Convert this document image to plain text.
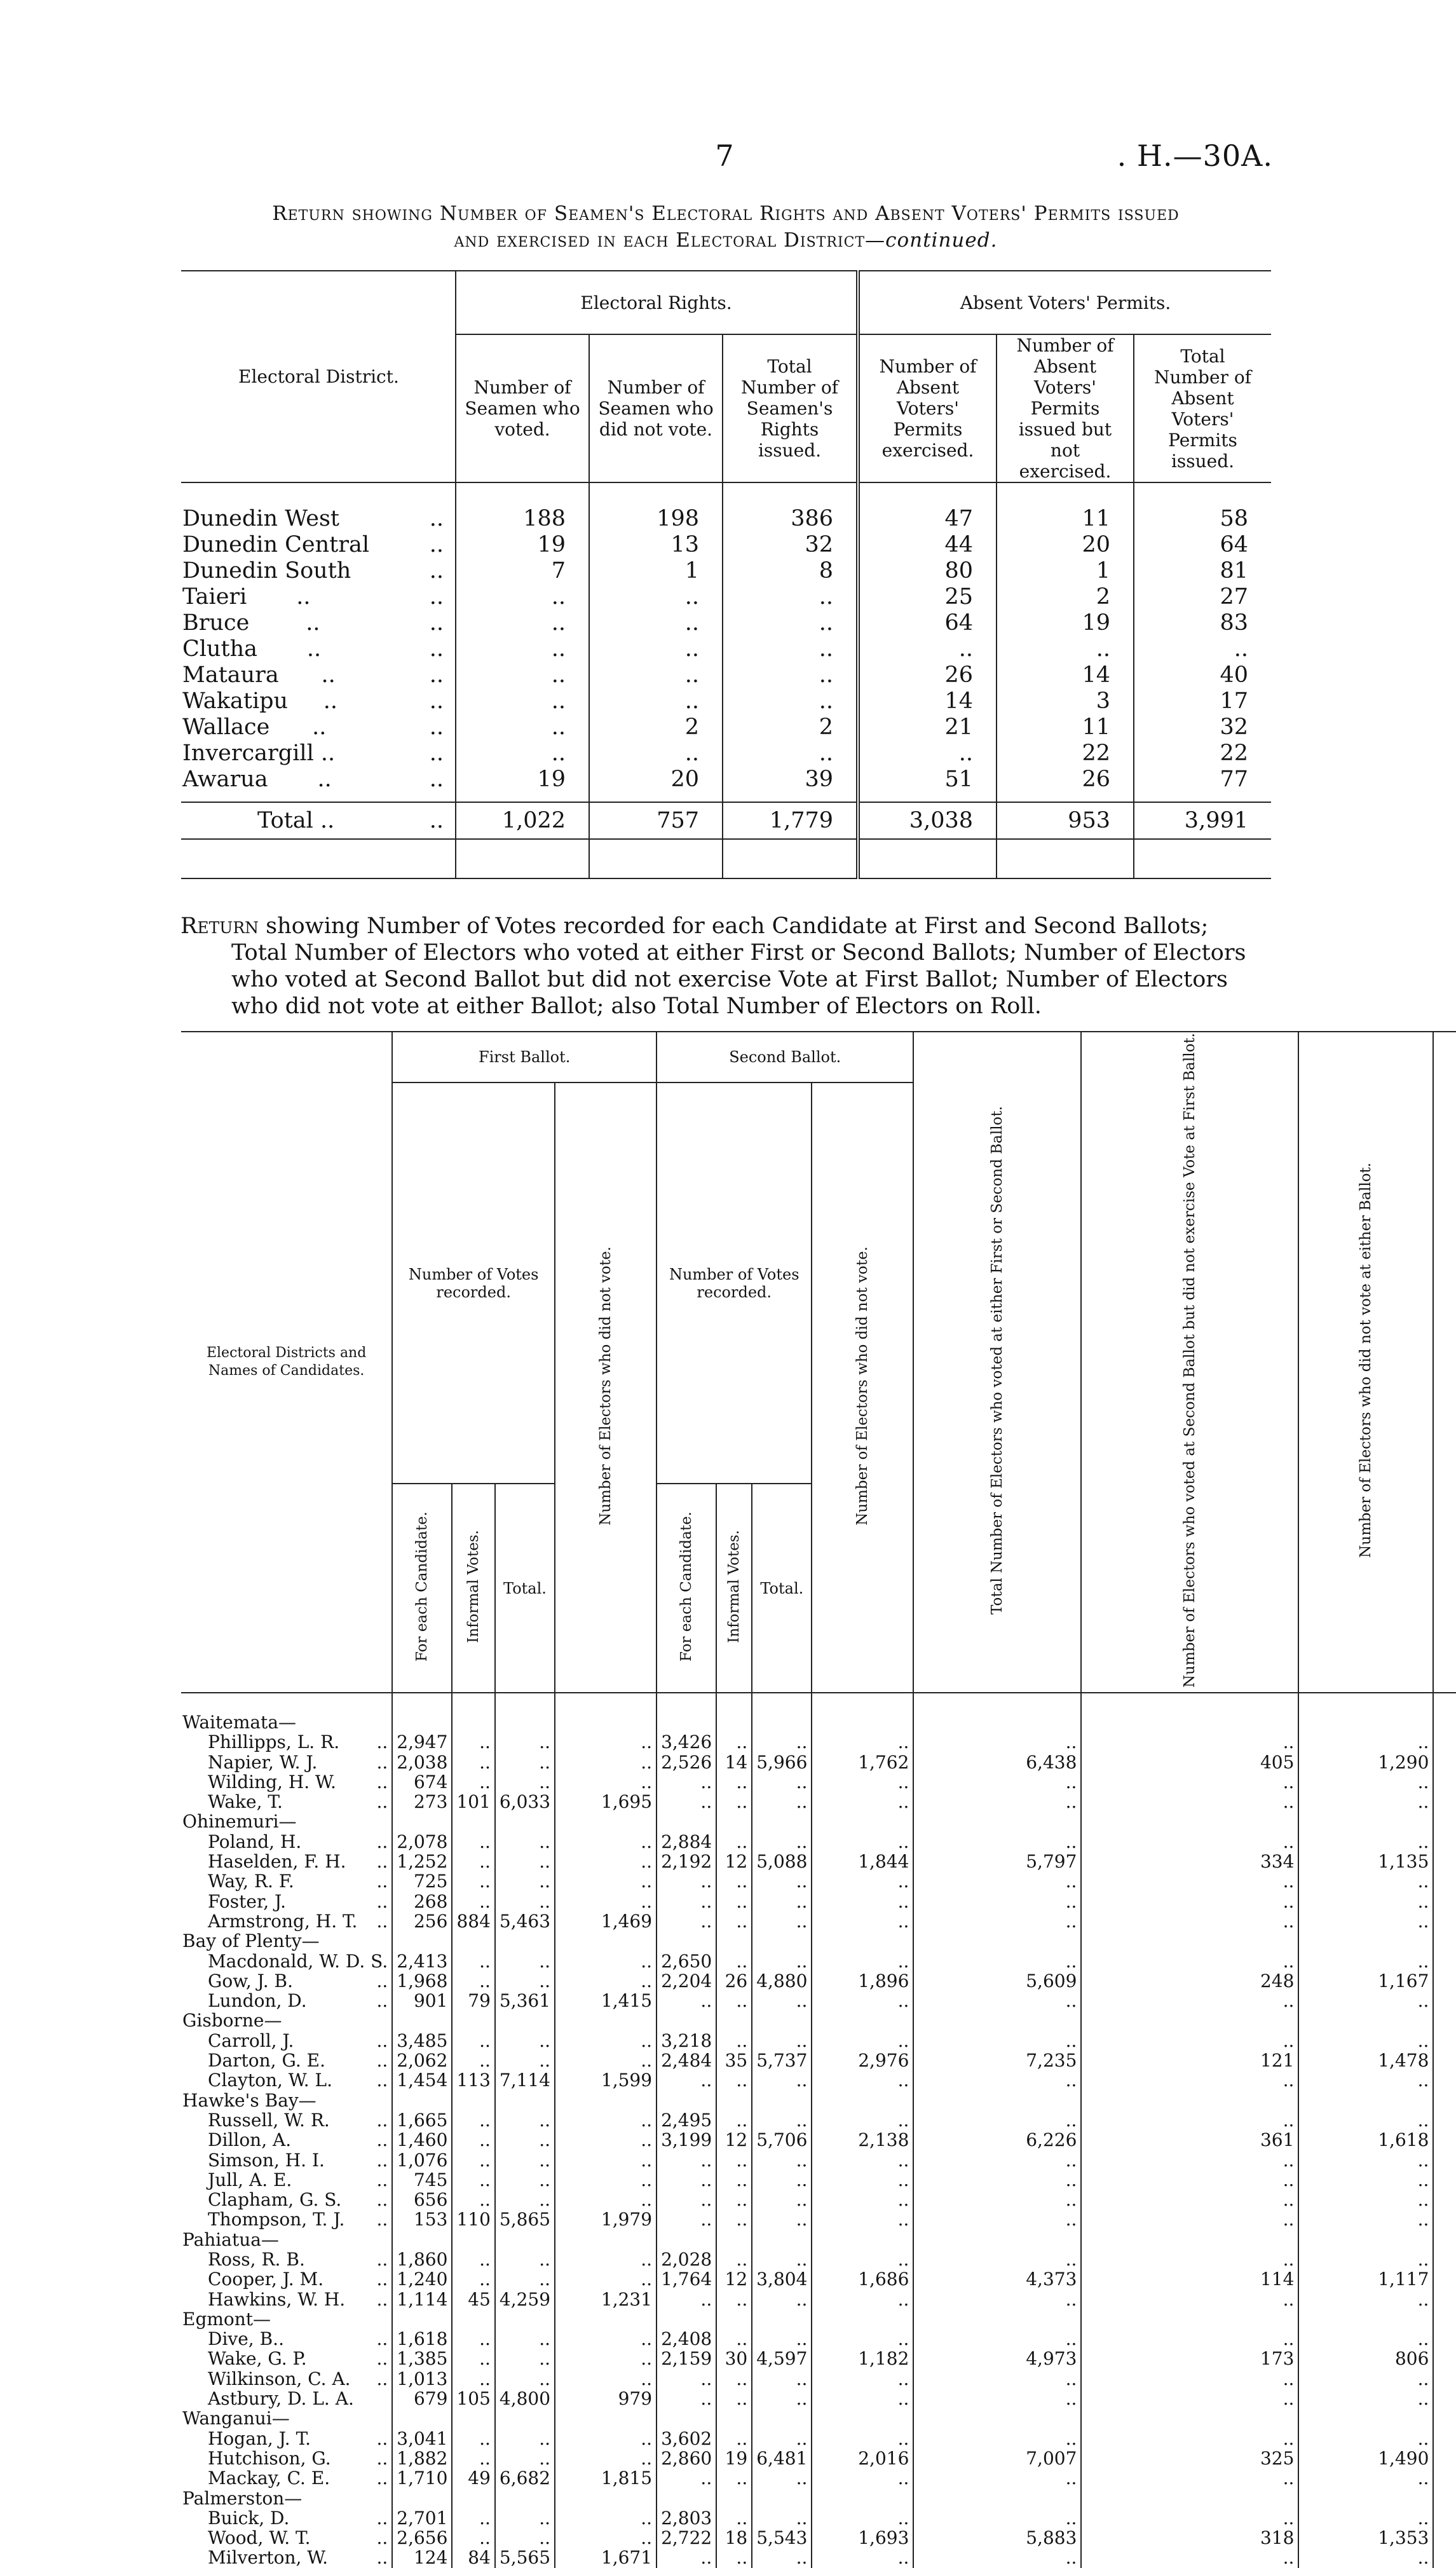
7	. H.—30A.
Return showing Number of Seamen's Electoral Rights and Absent Voters' Permits issued
and exercised in each Electoral District—continued.
Electoral District.	Electoral Rights.			Absent Voters' Permits.		
	Number of Seamen who voted.	Number of Seamen who did not vote.	Total Number of Seamen's Rights issued.	Number of Absent Voters' Permits exercised.	Number of Absent Voters' Permits issued but not exercised.	Total Number of Absent Voters' Permits issued.

Dunedin West ..	188	198	386	47	11	58
Dunedin Central ..	19	13	32	44	20	64
Dunedin South ..	7	1	8	80	1	81
Taieri       .. ..	..	..	..	25	2	27
Bruce        .. ..	..	..	..	64	19	83
Clutha       .. ..	..	..	..	..	..	..
Mataura      .. ..	..	..	..	26	14	40
Wakatipu     .. ..	..	..	..	14	3	17
Wallace      .. ..	..	2	2	21	11	32
Invercargill .. ..	..	..	..	..	22	22
Awarua       .. ..	19	20	39	51	26	77

Total .. ..	1,022	757	1,779	3,038	953	3,991

Return showing Number of Votes recorded for each Candidate at First and Second Ballots; Total Number of Electors who voted at either First or Second Ballots; Number of Electors who voted at Second Ballot but did not exercise Vote at First Ballot; Number of Electors who did not vote at either Ballot; also Total Number of Electors on Roll.

Electoral Districts and Names of Candidates.	First Ballot.				Second Ballot.				Total Number of Electors who voted at either First or Second Ballot.	Number of Electors who voted at Second Ballot but did not exercise Vote at First Ballot.	Number of Electors who did not vote at either Ballot.	
	Number of Votes recorded.			Number of Electors who did not vote.	Number of Votes recorded.			Number of Electors who did not vote.				
	For each Candidate.	Informal Votes.	Total.		For each Candidate.	Informal Votes.	Total.					

Waitemata—												
Phillipps, L. R. ..	2,947	..	..	..	3,426	..	..	..	..	..	..	
Napier, W. J. ..	2,038	..	..	..	2,526	14	5,966	1,762	6,438	405	1,290	
Wilding, H. W. ..	674	..	..	..	..	..	..	..	..	..	..	
Wake, T. ..	273	101	6,033	1,695	..	..	..	..	..	..	..	
Ohinemuri—												
Poland, H. ..	2,078	..	..	..	2,884	..	..	..	..	..	..	
Haselden, F. H. ..	1,252	..	..	..	2,192	12	5,088	1,844	5,797	334	1,135	
Way, R. F. ..	725	..	..	..	..	..	..	..	..	..	..	
Foster, J. ..	268	..	..	..	..	..	..	..	..	..	..	
Armstrong, H. T. ..	256	884	5,463	1,469	..	..	..	..	..	..	..	
Bay of Plenty—												
Macdonald, W. D. S.	2,413	..	..	..	2,650	..	..	..	..	..	..	
Gow, J. B. ..	1,968	..	..	..	2,204	26	4,880	1,896	5,609	248	1,167	
Lundon, D. ..	901	79	5,361	1,415	..	..	..	..	..	..	..	
Gisborne—												
Carroll, J. ..	3,485	..	..	..	3,218	..	..	..	..	..	..	
Darton, G. E. ..	2,062	..	..	..	2,484	35	5,737	2,976	7,235	121	1,478	
Clayton, W. L. ..	1,454	113	7,114	1,599	..	..	..	..	..	..	..	
Hawke's Bay—												
Russell, W. R. ..	1,665	..	..	..	2,495	..	..	..	..	..	..	
Dillon, A. ..	1,460	..	..	..	3,199	12	5,706	2,138	6,226	361	1,618	
Simson, H. I. ..	1,076	..	..	..	..	..	..	..	..	..	..	
Jull, A. E. ..	745	..	..	..	..	..	..	..	..	..	..	
Clapham, G. S. ..	656	..	..	..	..	..	..	..	..	..	..	
Thompson, T. J. ..	153	110	5,865	1,979	..	..	..	..	..	..	..	
Pahiatua—												
Ross, R. B. ..	1,860	..	..	..	2,028	..	..	..	..	..	..	
Cooper, J. M. ..	1,240	..	..	..	1,764	12	3,804	1,686	4,373	114	1,117	
Hawkins, W. H. ..	1,114	45	4,259	1,231	..	..	..	..	..	..	..	
Egmont—												
Dive, B.. ..	1,618	..	..	..	2,408	..	..	..	..	..	..	
Wake, G. P. ..	1,385	..	..	..	2,159	30	4,597	1,182	4,973	173	806	
Wilkinson, C. A. ..	1,013	..	..	..	..	..	..	..	..	..	..	
Astbury, D. L. A.	679	105	4,800	979	..	..	..	..	..	..	..	
Wanganui—												
Hogan, J. T. ..	3,041	..	..	..	3,602	..	..	..	..	..	..	
Hutchison, G. ..	1,882	..	..	..	2,860	19	6,481	2,016	7,007	325	1,490	
Mackay, C. E. ..	1,710	49	6,682	1,815	..	..	..	..	..	..	..	
Palmerston—												
Buick, D. ..	2,701	..	..	..	2,803	..	..	..	..	..	..	
Wood, W. T. ..	2,656	..	..	..	2,722	18	5,543	1,693	5,883	318	1,353	
Milverton, W. ..	124	84	5,565	1,671	..	..	..	..	..	..	..	
